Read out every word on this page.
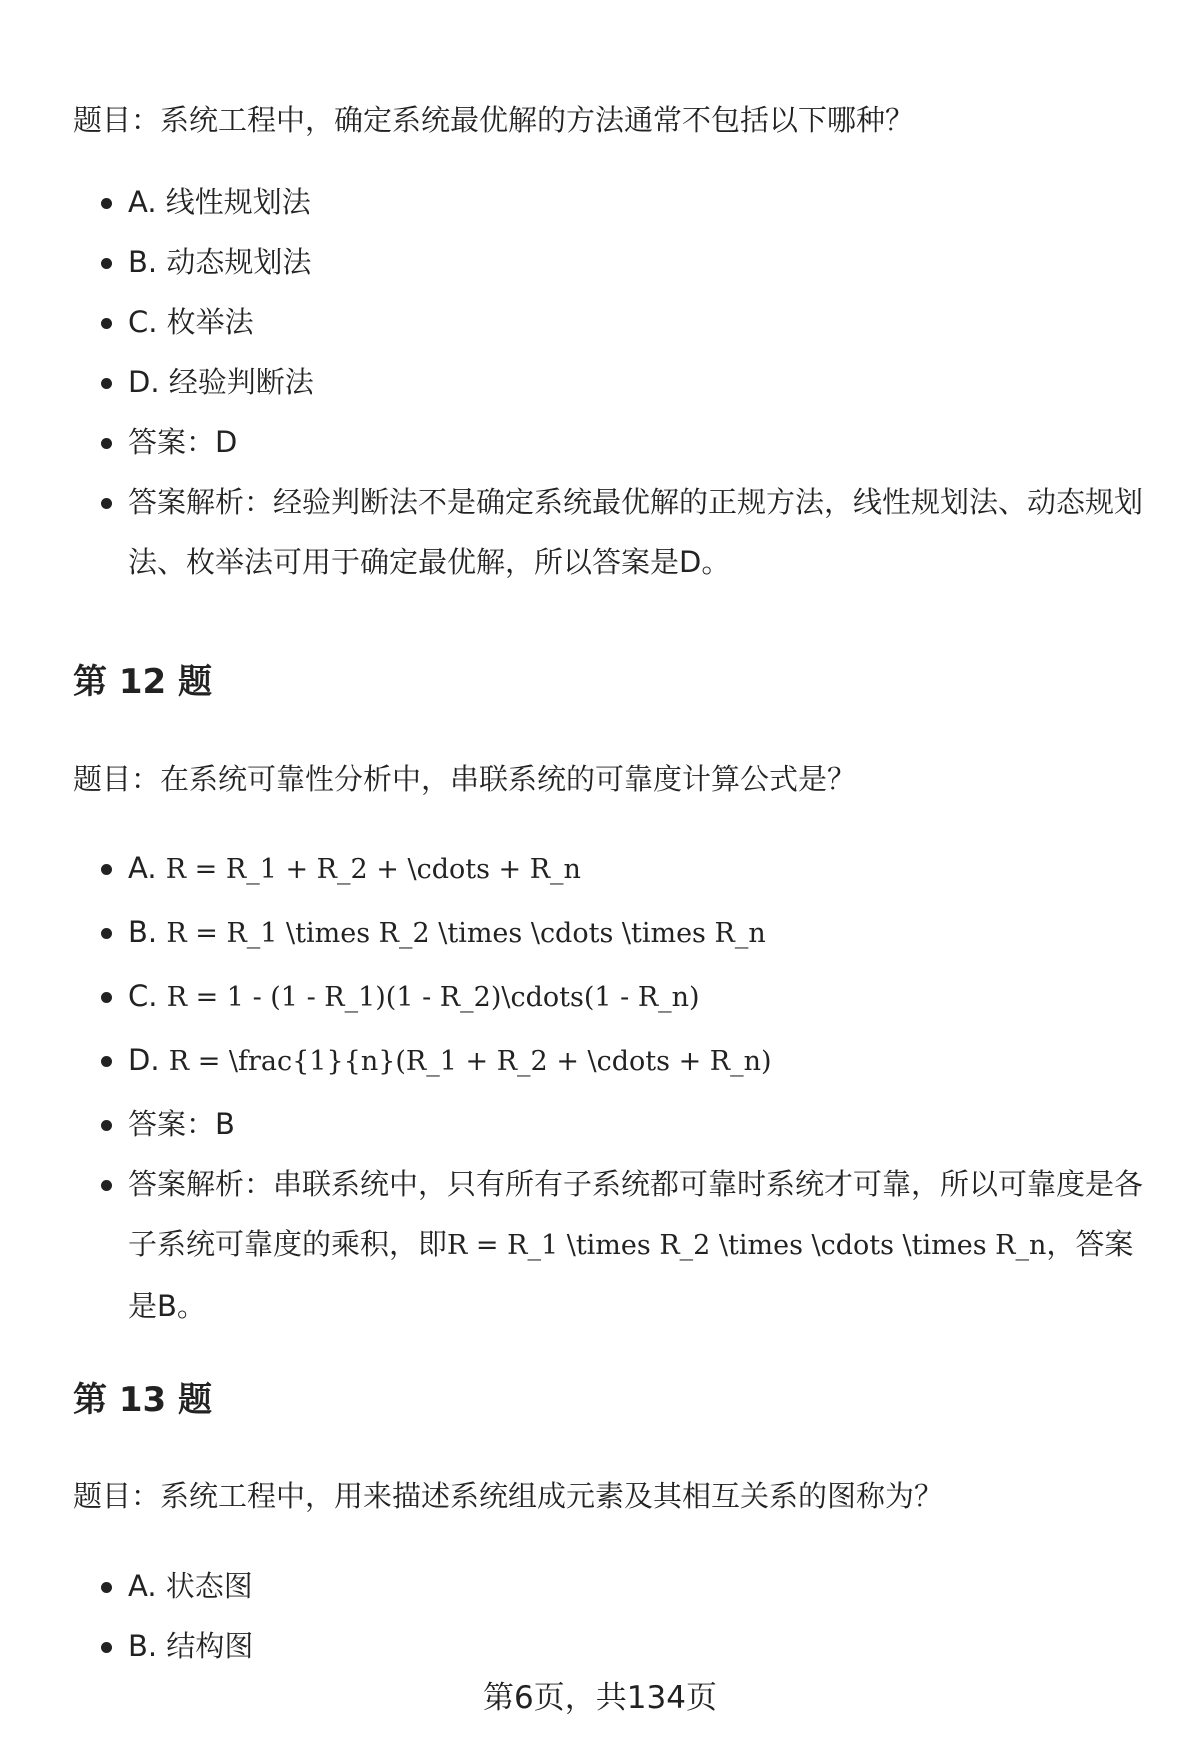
题目：系统工程中，确定系统最优解的方法通常不包括以下哪种？

A. 线性规划法
B. 动态规划法
C. 枚举法
D. 经验判断法
答案：D
答案解析：经验判断法不是确定系统最优解的正规方法，线性规划法、动态规划法、枚举法可用于确定最优解，所以答案是D。
第 12 题

题目：在系统可靠性分析中，串联系统的可靠度计算公式是？

A. R = R_1 + R_2 + \cdots + R_n
B. R = R_1 \times R_2 \times \cdots \times R_n
C. R = 1 - (1 - R_1)(1 - R_2)\cdots(1 - R_n)
D. R = \frac{1}{n}(R_1 + R_2 + \cdots + R_n)
答案：B
答案解析：串联系统中，只有所有子系统都可靠时系统才可靠，所以可靠度是各子系统可靠度的乘积，即R = R_1 \times R_2 \times \cdots \times R_n，答案是B。
第 13 题

题目：系统工程中，用来描述系统组成元素及其相互关系的图称为？

A. 状态图
B. 结构图
第6页，共134页
